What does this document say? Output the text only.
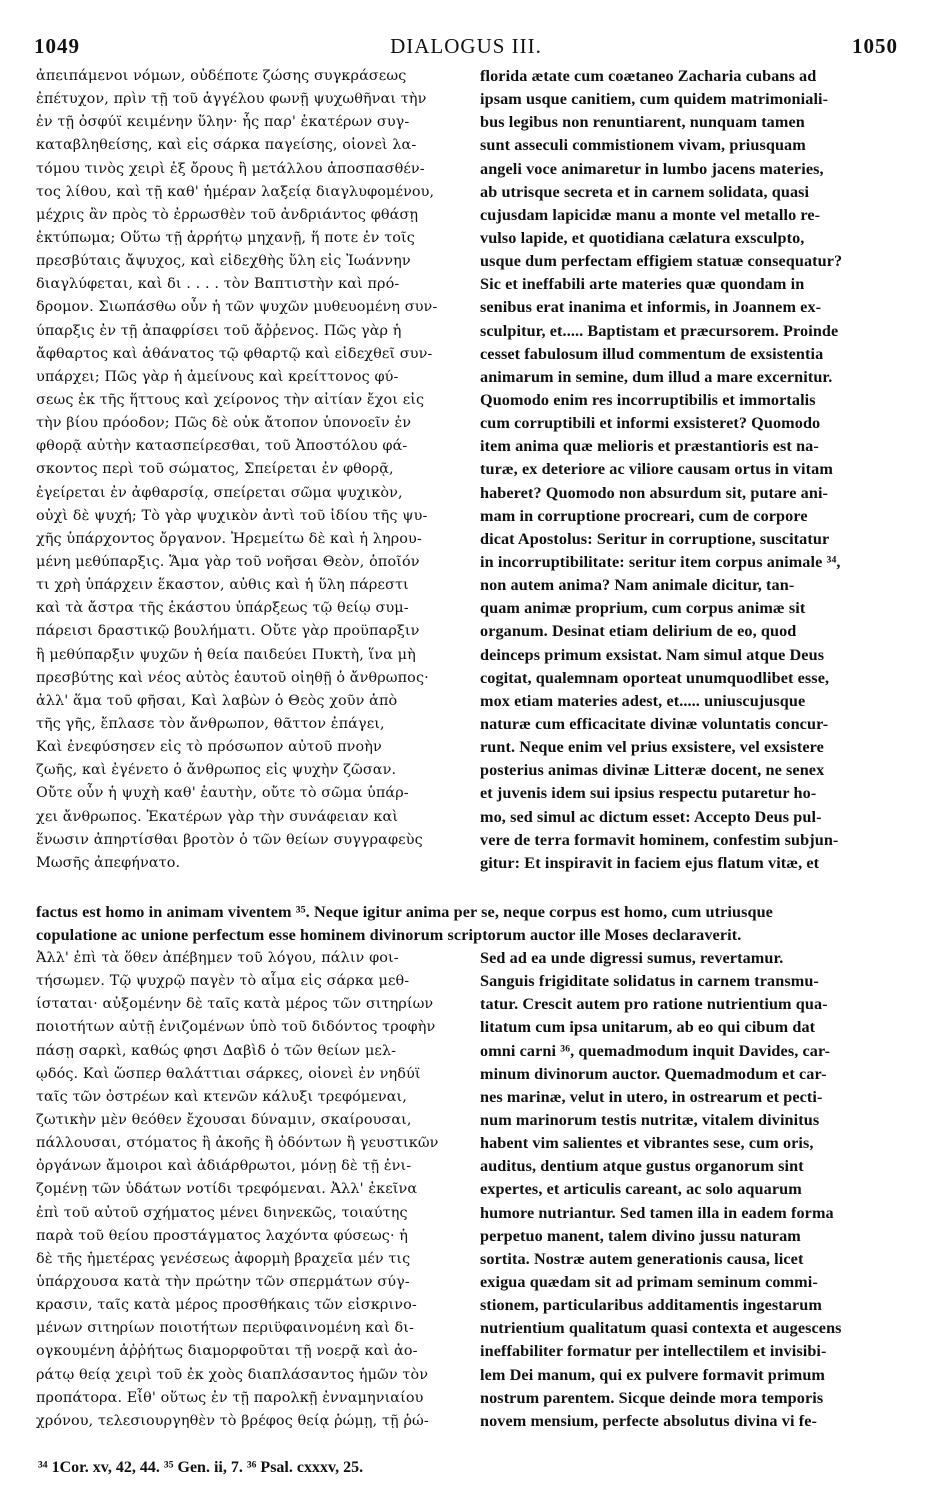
1049	DIALOGUS III.	1050
ἀπειπάμενοι νόμων, οὐδέποτε ζώσης συγκράσεως
ἐπέτυχον, πρὶν τῇ τοῦ ἀγγέλου φωνῇ ψυχωθῆναι τὴν
ἐν τῇ ὀσφύϊ κειμένην ὕλην· ἧς παρ' ἑκατέρων συγ-
καταβληθείσης, καὶ εἰς σάρκα παγείσης, οἱονεὶ λα-
τόμου τινὸς χειρὶ ἐξ ὄρους ἢ μετάλλου ἀποσπασθέν-
τος λίθου, καὶ τῇ καθ' ἡμέραν λαξείᾳ διαγλυφομένου,
μέχρις ἂν πρὸς τὸ ἐρρωσθὲν τοῦ ἀνδριάντος φθάσῃ
ἐκτύπωμα; Οὕτω τῇ ἀρρήτῳ μηχανῇ, ἥ ποτε ἐν τοῖς
πρεσβύταις ἄψυχος, καὶ εἰδεχθὴς ὕλη εἰς Ἰωάννην
διαγλύφεται, καὶ δι . . . . τὸν Βαπτιστὴν καὶ πρό-
δρομον. Σιωπάσθω οὖν ἡ τῶν ψυχῶν μυθευομένη συν-
ύπαρξις ἐν τῇ ἀπαφρίσει τοῦ ἄῤῥενος. Πῶς γὰρ ἡ
ἄφθαρτος καὶ ἀθάνατος τῷ φθαρτῷ καὶ εἰδεχθεῖ συν-
υπάρχει; Πῶς γὰρ ἡ ἀμείνους καὶ κρείττονος φύ-
σεως ἐκ τῆς ἥττους καὶ χείρονος τὴν αἰτίαν ἔχοι εἰς
τὴν βίου πρόοδον; Πῶς δὲ οὐκ ἄτοπον ὑπονοεῖν ἐν
φθορᾷ αὐτὴν κατασπείρεσθαι, τοῦ Ἀποστόλου φά-
σκοντος περὶ τοῦ σώματος, Σπείρεται ἐν φθορᾷ,
ἐγείρεται ἐν ἀφθαρσίᾳ, σπείρεται σῶμα ψυχικὸν,
οὐχὶ δὲ ψυχή; Τὸ γὰρ ψυχικὸν ἀντὶ τοῦ ἰδίου τῆς ψυ-
χῆς ὑπάρχοντος ὄργανον. Ἠρεμείτω δὲ καὶ ἡ ληρου-
μένη μεθύπαρξις. Ἅμα γὰρ τοῦ νοῆσαι Θεὸν, ὁποῖόν
τι χρὴ ὑπάρχειν ἕκαστον, αὐθις καὶ ἡ ὕλη πάρεστι
καὶ τὰ ἄστρα τῆς ἑκάστου ὑπάρξεως τῷ θείῳ συμ-
πάρεισι δραστικῷ βουλήματι. Οὔτε γὰρ προϋπαρξιν
ἢ μεθύπαρξιν ψυχῶν ἡ θεία παιδεύει Πυκτὴ, ἵνα μὴ
πρεσβύτης καὶ νέος αὐτὸς ἑαυτοῦ οἰηθῇ ὁ ἄνθρωπος·
ἀλλ' ἅμα τοῦ φῆσαι, Καὶ λαβὼν ὁ Θεὸς χοῦν ἀπὸ
τῆς γῆς, ἔπλασε τὸν ἄνθρωπον, θᾶττον ἐπάγει,
Καὶ ἐνεφύσησεν εἰς τὸ πρόσωπον αὐτοῦ πνοὴν
ζωῆς, καὶ ἐγένετο ὁ ἄνθρωπος εἰς ψυχὴν ζῶσαν.
Οὔτε οὖν ἡ ψυχὴ καθ' ἑαυτὴν, οὔτε τὸ σῶμα ὑπάρ-
χει ἄνθρωπος. Ἑκατέρων γὰρ τὴν συνάφειαν καὶ
ἕνωσιν ἀπηρτίσθαι βροτὸν ὁ τῶν θείων συγγραφεὺς
Μωσῆς ἀπεφήνατο.
florida ætate cum coætaneo Zacharia cubans ad
ipsam usque canitiem, cum quidem matrimoniali-
bus legibus non renuntiarent, nunquam tamen
sunt asseculi commistionem vivam, priusquam
angeli voce animaretur in lumbo jacens materies,
ab utrisque secreta et in carnem solidata, quasi
cujusdam lapicidæ manu a monte vel metallo re-
vulso lapide, et quotidiana cælatura exsculpto,
usque dum perfectam effigiem statuæ consequatur?
Sic et ineffabili arte materies quæ quondam in
senibus erat inanima et informis, in Joannem ex-
sculpitur, et..... Baptistam et præcursorem. Proinde
cesset fabulosum illud commentum de exsistentia
animarum in semine, dum illud a mare excernitur.
Quomodo enim res incorruptibilis et immortalis
cum corruptibili et informi exsisteret? Quomodo
item anima quæ melioris et præstantioris est na-
turæ, ex deteriore ac viliore causam ortus in vitam
haberet? Quomodo non absurdum sit, putare ani-
mam in corruptione procreari, cum de corpore
dicat Apostolus: Seritur in corruptione, suscitatur
in incorruptibilitate: seritur item corpus animale ³⁴,
non autem anima? Nam animale dicitur, tan-
quam animæ proprium, cum corpus animæ sit
organum. Desinat etiam delirium de eo, quod
deinceps primum exsistat. Nam simul atque Deus
cogitat, qualemnam oporteat unumquodlibet esse,
mox etiam materies adest, et..... uniuscujusque
naturæ cum efficacitate divinæ voluntatis concur-
runt. Neque enim vel prius exsistere, vel exsistere
posterius animas divinæ Litteræ docent, ne senex
et juvenis idem sui ipsius respectu putaretur ho-
mo, sed simul ac dictum esset: Accepto Deus pul-
vere de terra formavit hominem, confestim subjun-
gitur: Et inspiravit in faciem ejus flatum vitæ, et
factus est homo in animam viventem ³⁵. Neque igitur anima per se, neque corpus est homo, cum utriusque
copulatione ac unione perfectum esse hominem divinorum scriptorum auctor ille Moses declaraverit.
Ἀλλ' ἐπὶ τὰ ὅθεν ἀπέβημεν τοῦ λόγου, πάλιν φοι-
τήσωμεν. Τῷ ψυχρῷ παγὲν τὸ αἷμα εἰς σάρκα μεθ-
ίσταται· αὐξομένην δὲ ταῖς κατὰ μέρος τῶν σιτηρίων
ποιοτήτων αὐτῇ ἐνιζομένων ὑπὸ τοῦ διδόντος τροφὴν
πάσῃ σαρκὶ, καθώς φησι Δαβὶδ ὁ τῶν θείων μελ-
ῳδός. Καὶ ὥσπερ θαλάττιαι σάρκες, οἱονεὶ ἐν νηδύϊ
ταῖς τῶν ὀστρέων καὶ κτενῶν κάλυξι τρεφόμεναι,
ζωτικὴν μὲν θεόθεν ἔχουσαι δύναμιν, σκαίρουσαι,
πάλλουσαι, στόματος ἢ ἀκοῆς ἢ ὀδόντων ἢ γευστικῶν
ὀργάνων ἄμοιροι καὶ ἀδιάρθρωτοι, μόνῃ δὲ τῇ ἐνι-
ζομένῃ τῶν ὑδάτων νοτίδι τρεφόμεναι. Ἀλλ' ἐκεῖνα
ἐπὶ τοῦ αὐτοῦ σχήματος μένει διηνεκῶς, τοιαύτης
παρὰ τοῦ θείου προστάγματος λαχόντα φύσεως· ἡ
δὲ τῆς ἡμετέρας γενέσεως ἀφορμὴ βραχεῖα μέν τις
ὑπάρχουσα κατὰ τὴν πρώτην τῶν σπερμάτων σύγ-
κρασιν, ταῖς κατὰ μέρος προσθήκαις τῶν εἰσκρινο-
μένων σιτηρίων ποιοτήτων περιϋφαινομένη καὶ δι-
ογκουμένη ἀῤῥήτως διαμορφοῦται τῇ νοερᾷ καὶ ἀο-
ράτῳ θείᾳ χειρὶ τοῦ ἐκ χοὸς διαπλάσαντος ἡμῶν τὸν
προπάτορα. Εἶθ' οὕτως ἐν τῇ παρολκῇ ἐνναμηνιαίου
χρόνου, τελεσιουργηθὲν τὸ βρέφος θείᾳ ῥώμῃ, τῇ ῥώ-
Sed ad ea unde digressi sumus, revertamur.
Sanguis frigiditate solidatus in carnem transmu-
tatur. Crescit autem pro ratione nutrientium qua-
litatum cum ipsa unitarum, ab eo qui cibum dat
omni carni ³⁶, quemadmodum inquit Davides, car-
minum divinorum auctor. Quemadmodum et car-
nes marinæ, velut in utero, in ostrearum et pecti-
num marinorum testis nutritæ, vitalem divinitus
habent vim salientes et vibrantes sese, cum oris,
auditus, dentium atque gustus organorum sint
expertes, et articulis careant, ac solo aquarum
humore nutriantur. Sed tamen illa in eadem forma
perpetuo manent, talem divino jussu naturam
sortita. Nostræ autem generationis causa, licet
exigua quædam sit ad primam seminum commi-
stionem, particularibus additamentis ingestarum
nutrientium qualitatum quasi contexta et augescens
ineffabiliter formatur per intellectilem et invisibi-
lem Dei manum, qui ex pulvere formavit primum
nostrum parentem. Sicque deinde mora temporis
novem mensium, perfecte absolutus divina vi fe-
³⁴ 1Cor. xv, 42, 44. ³⁵ Gen. ii, 7. ³⁶ Psal. cxxxv, 25.
